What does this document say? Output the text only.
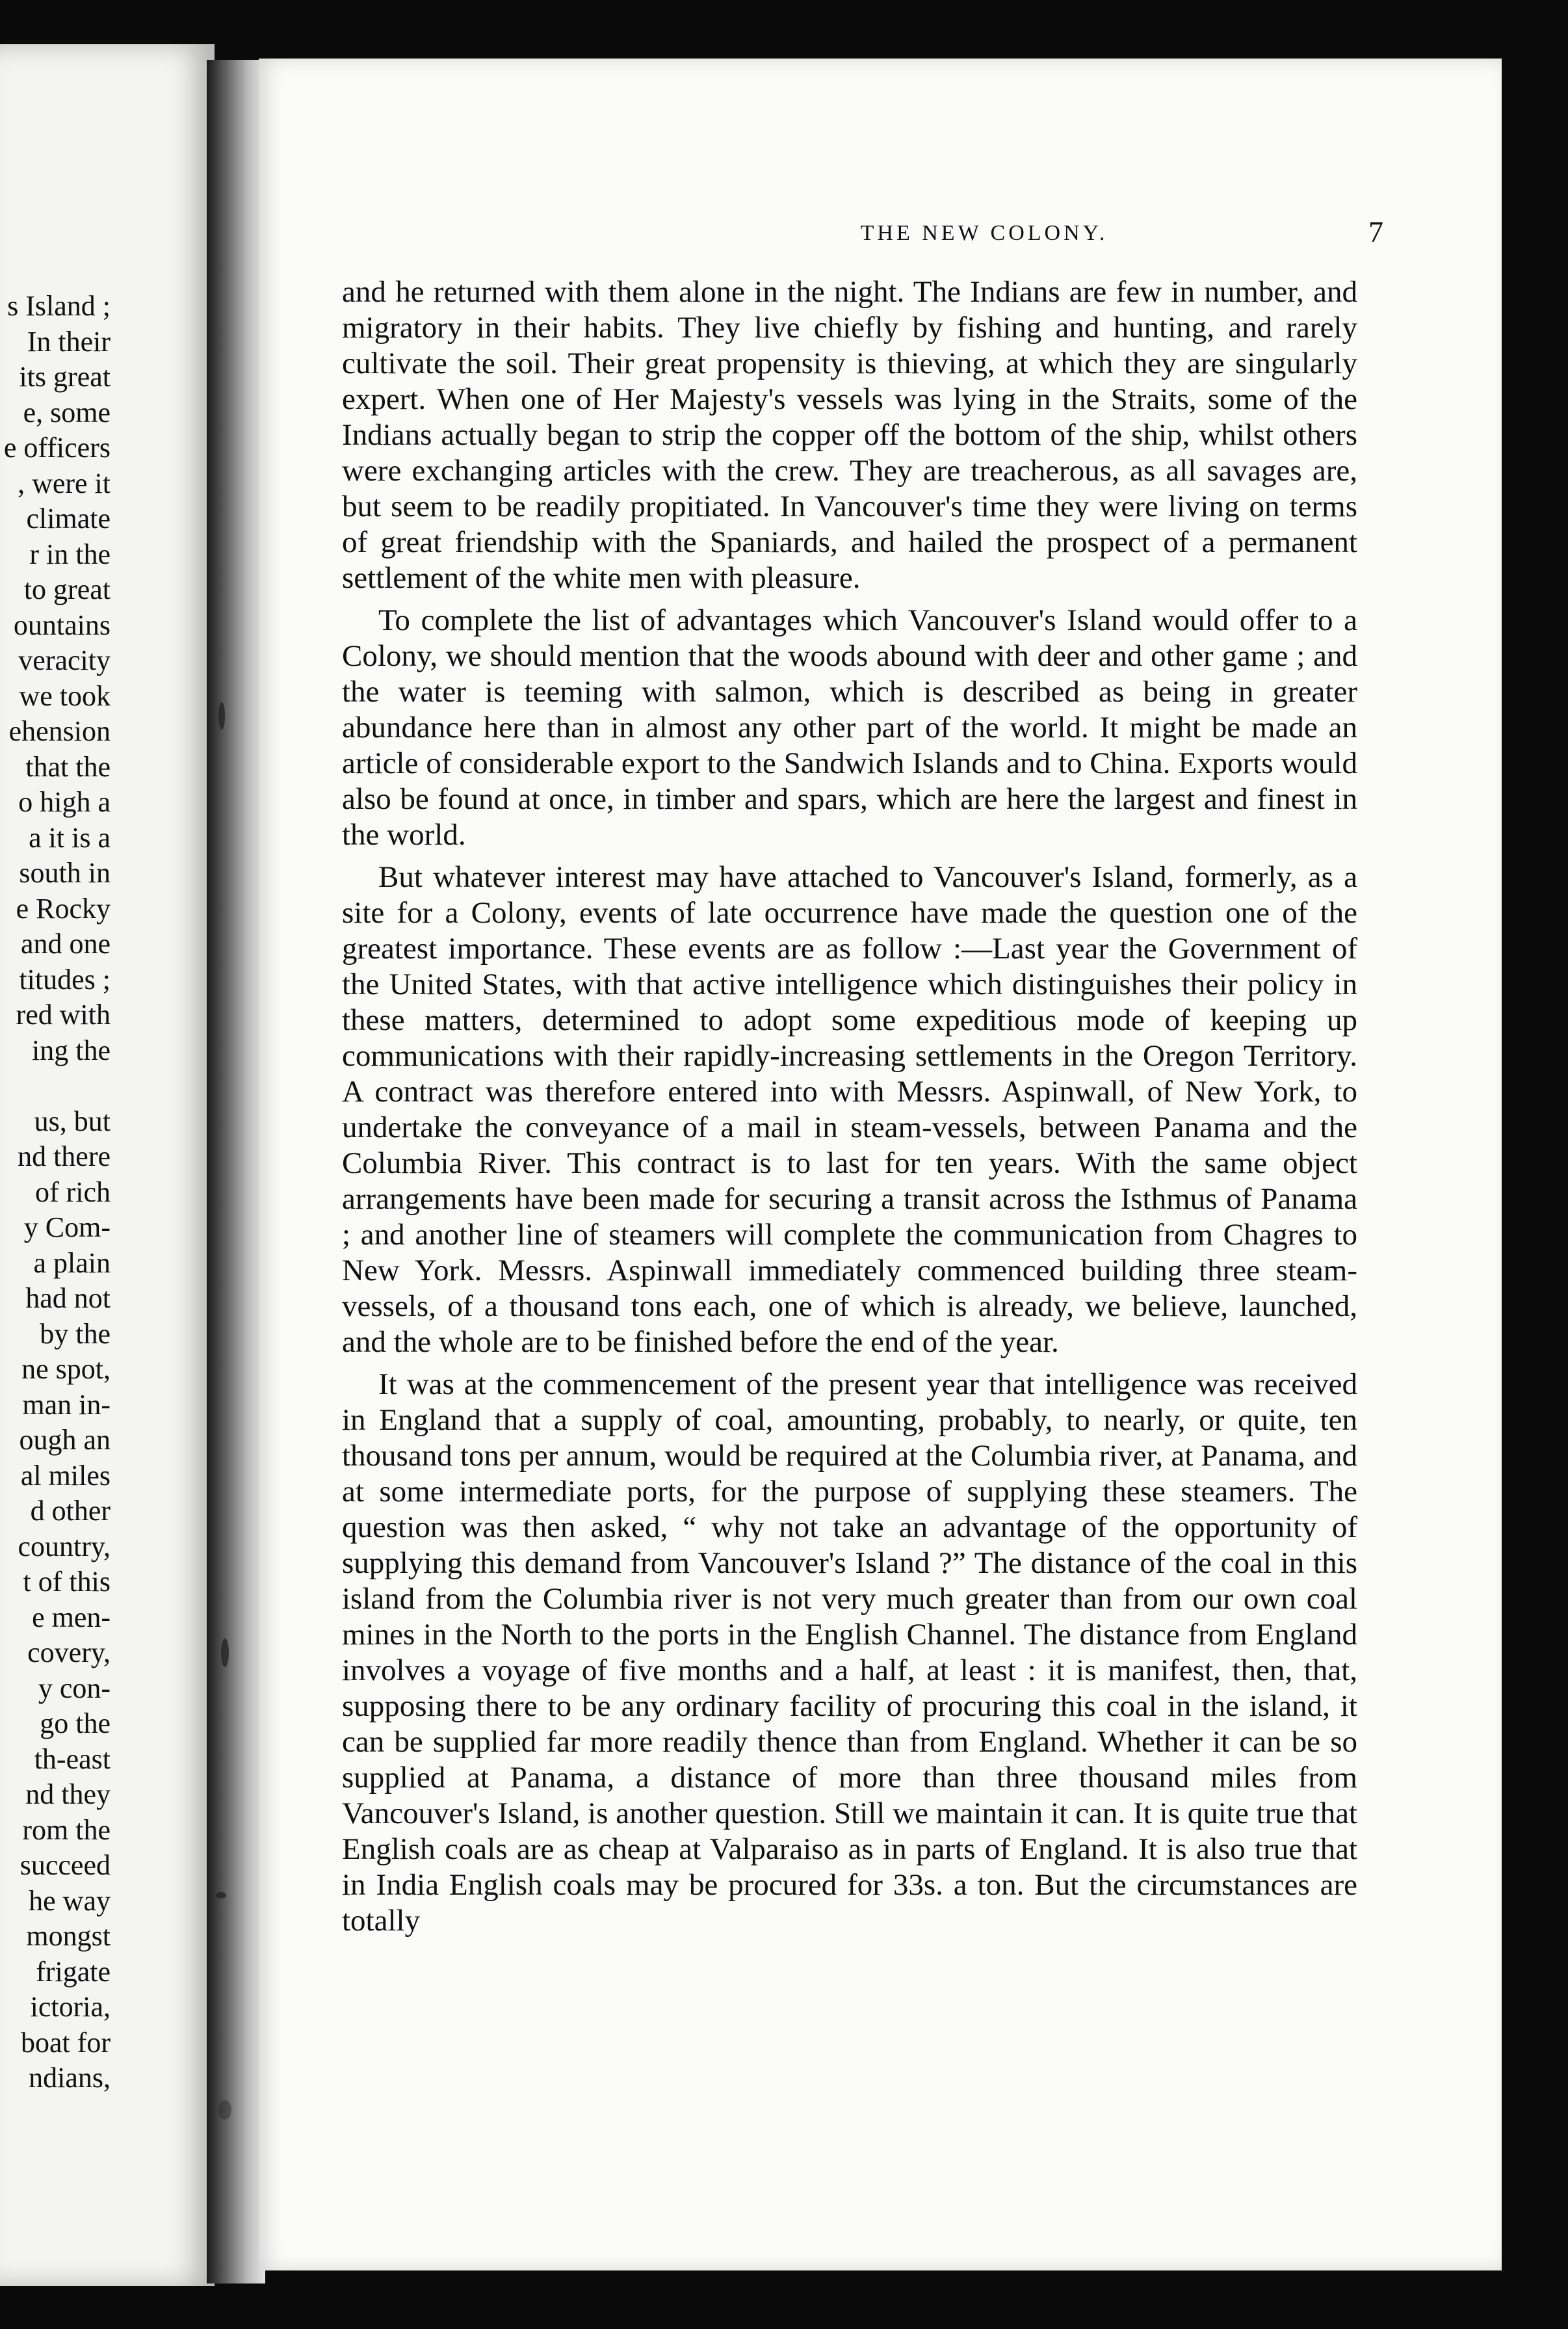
s Island ;
In their
its great
e, some
e officers
, were it
climate
r in the
to great
ountains
veracity
we took
ehension
that the
o high a
a it is a
south in
e Rocky
and one
titudes ;
red with
ing the
us, but
nd there
of rich
y Com-
a plain
had not
by the
ne spot,
man in-
ough an
al miles
d other
country,
t of this
e men-
covery,
y con-
go the
th-east
nd they
rom the
succeed
he way
mongst
frigate
ictoria,
boat for
ndians,
THE NEW COLONY.	7

and he returned with them alone in the night. The Indians are few in number, and migratory in their habits. They live chiefly by fishing and hunting, and rarely cultivate the soil. Their great propensity is thieving, at which they are singularly expert. When one of Her Majesty's vessels was lying in the Straits, some of the Indians actually began to strip the copper off the bottom of the ship, whilst others were exchanging articles with the crew. They are treacherous, as all savages are, but seem to be readily propitiated. In Vancouver's time they were living on terms of great friendship with the Spaniards, and hailed the prospect of a permanent settlement of the white men with pleasure.

To complete the list of advantages which Vancouver's Island would offer to a Colony, we should mention that the woods abound with deer and other game ; and the water is teeming with salmon, which is described as being in greater abundance here than in almost any other part of the world. It might be made an article of considerable export to the Sandwich Islands and to China. Exports would also be found at once, in timber and spars, which are here the largest and finest in the world.

But whatever interest may have attached to Vancouver's Island, formerly, as a site for a Colony, events of late occurrence have made the question one of the greatest importance. These events are as follow :—Last year the Government of the United States, with that active intelligence which distinguishes their policy in these matters, determined to adopt some expeditious mode of keeping up communications with their rapidly-increasing settlements in the Oregon Territory. A contract was therefore entered into with Messrs. Aspinwall, of New York, to undertake the conveyance of a mail in steam-vessels, between Panama and the Columbia River. This contract is to last for ten years. With the same object arrangements have been made for securing a transit across the Isthmus of Panama ; and another line of steamers will complete the communication from Chagres to New York. Messrs. Aspinwall immediately commenced building three steam-vessels, of a thousand tons each, one of which is already, we believe, launched, and the whole are to be finished before the end of the year.

It was at the commencement of the present year that intelligence was received in England that a supply of coal, amounting, probably, to nearly, or quite, ten thousand tons per annum, would be required at the Columbia river, at Panama, and at some intermediate ports, for the purpose of supplying these steamers. The question was then asked, “ why not take an advantage of the opportunity of supplying this demand from Vancouver's Island ?” The distance of the coal in this island from the Columbia river is not very much greater than from our own coal mines in the North to the ports in the English Channel. The distance from England involves a voyage of five months and a half, at least : it is manifest, then, that, supposing there to be any ordinary facility of procuring this coal in the island, it can be supplied far more readily thence than from England. Whether it can be so supplied at Panama, a distance of more than three thousand miles from Vancouver's Island, is another question. Still we maintain it can. It is quite true that English coals are as cheap at Valparaiso as in parts of England. It is also true that in India English coals may be procured for 33s. a ton. But the circumstances are totally
